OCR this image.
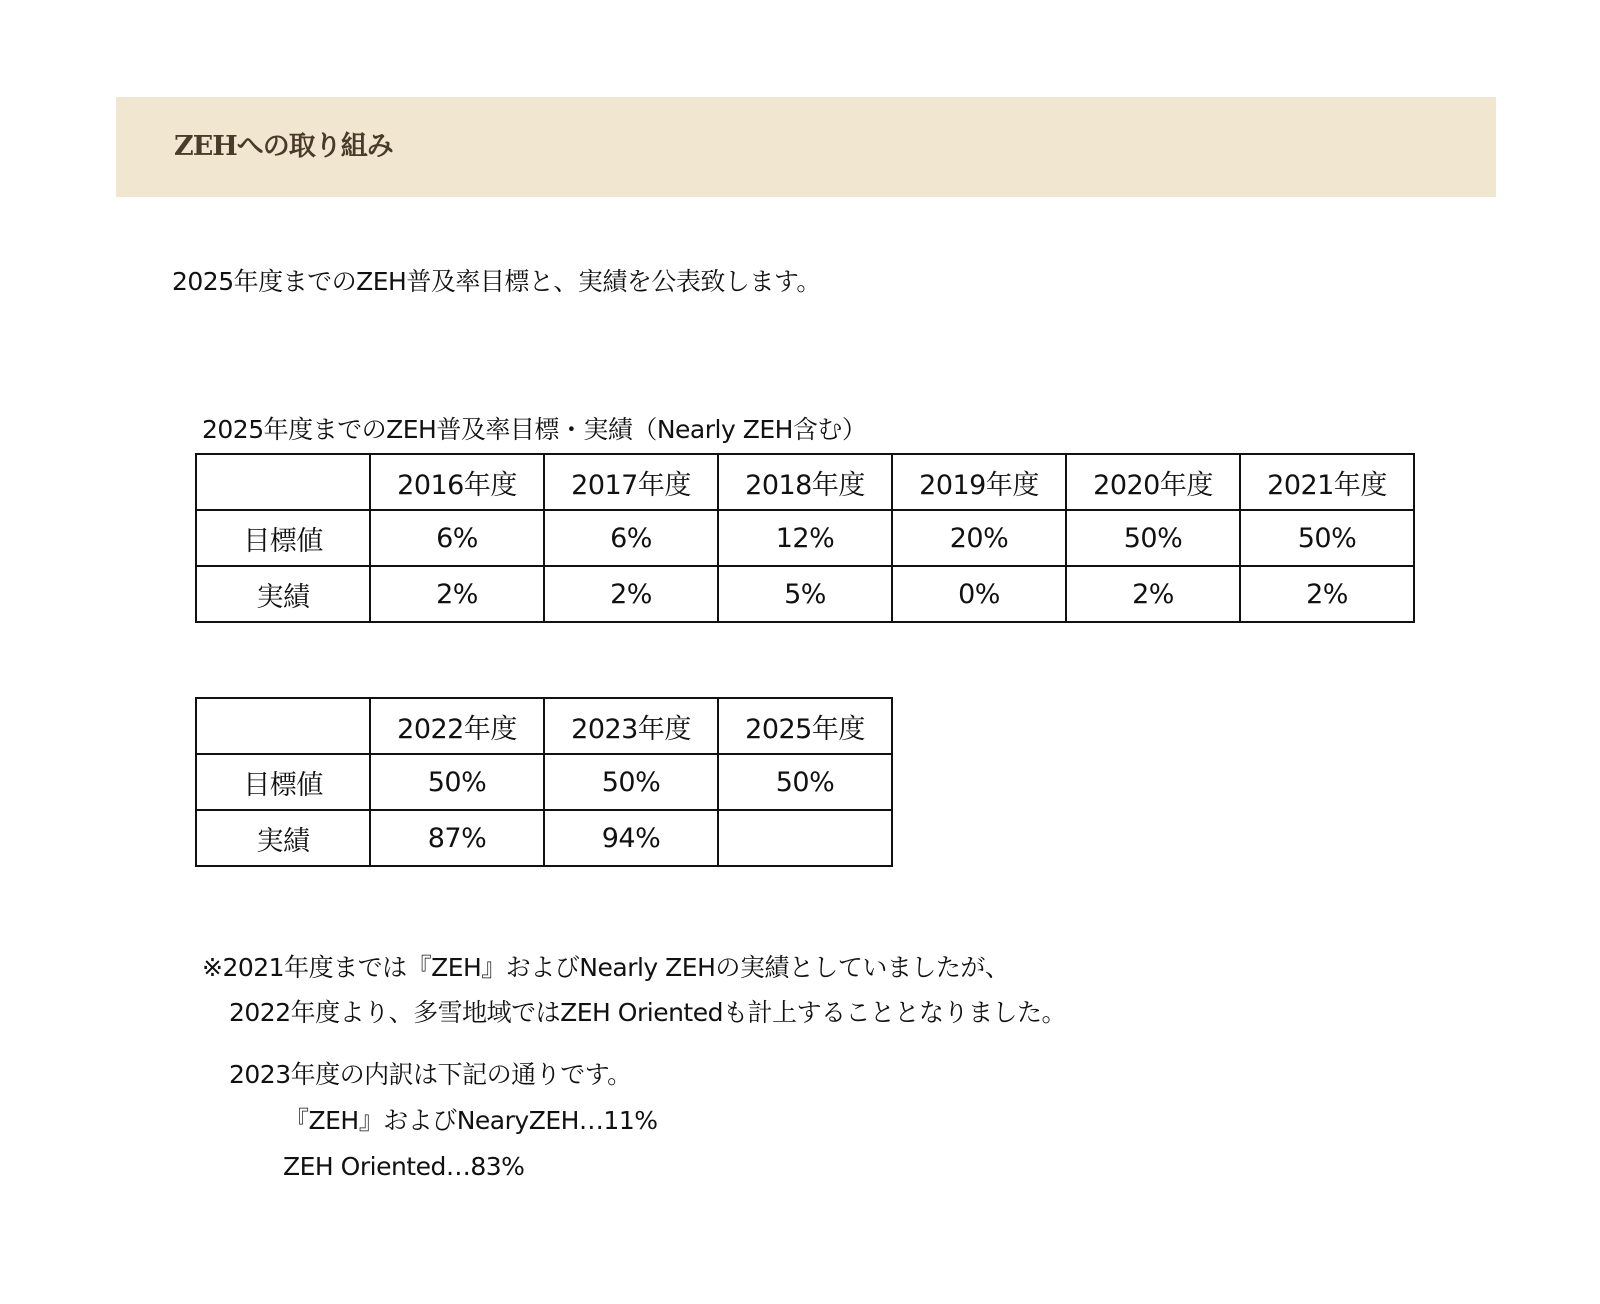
ZEHへの取り組み
2025年度までのZEH普及率目標と、実績を公表致します。
2025年度までのZEH普及率目標・実績（Nearly ZEH含む）
	2016年度	2017年度	2018年度	2019年度	2020年度	2021年度
目標値	6%	6%	12%	20%	50%	50%
実績	2%	2%	5%	0%	2%	2%
	2022年度	2023年度	2025年度
目標値	50%	50%	50%
実績	87%	94%	
※2021年度までは『ZEH』およびNearly ZEHの実績としていましたが、
2022年度より、多雪地域ではZEH Orientedも計上することとなりました。
2023年度の内訳は下記の通りです。
『ZEH』およびNearyZEH…11%
ZEH Oriented…83%
